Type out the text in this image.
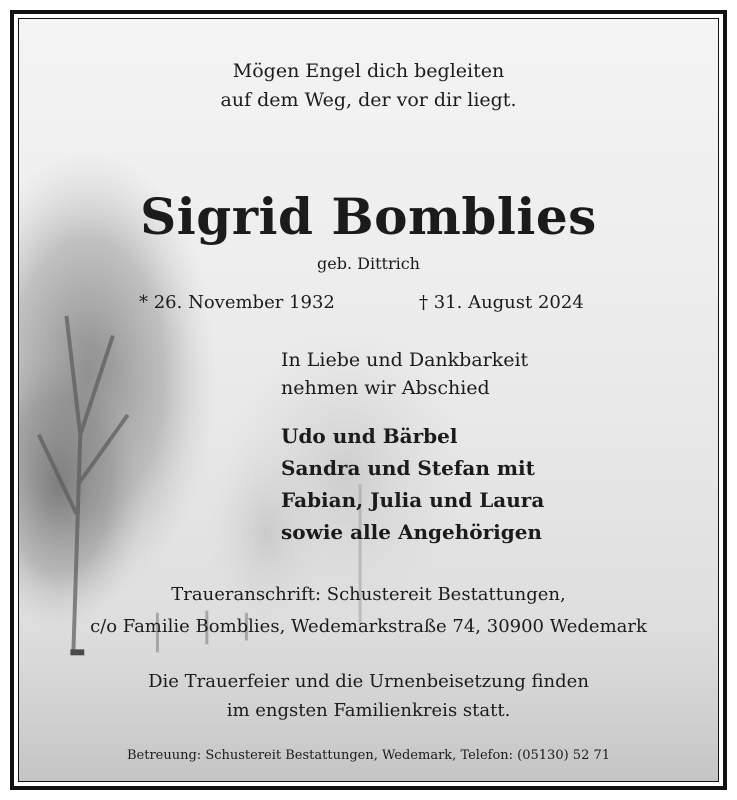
Mögen Engel dich begleiten
auf dem Weg, der vor dir liegt.
Sigrid Bomblies
geb. Dittrich
* 26. November 1932	† 31. August 2024
In Liebe und Dankbarkeit
nehmen wir Abschied
Udo und Bärbel
Sandra und Stefan mit
Fabian, Julia und Laura
sowie alle Angehörigen
Traueranschrift: Schustereit Bestattungen,
c/o Familie Bomblies, Wedemarkstraße 74, 30900 Wedemark
Die Trauerfeier und die Urnenbeisetzung finden
im engsten Familienkreis statt.
Betreuung: Schustereit Bestattungen, Wedemark, Telefon: (05130) 52 71
